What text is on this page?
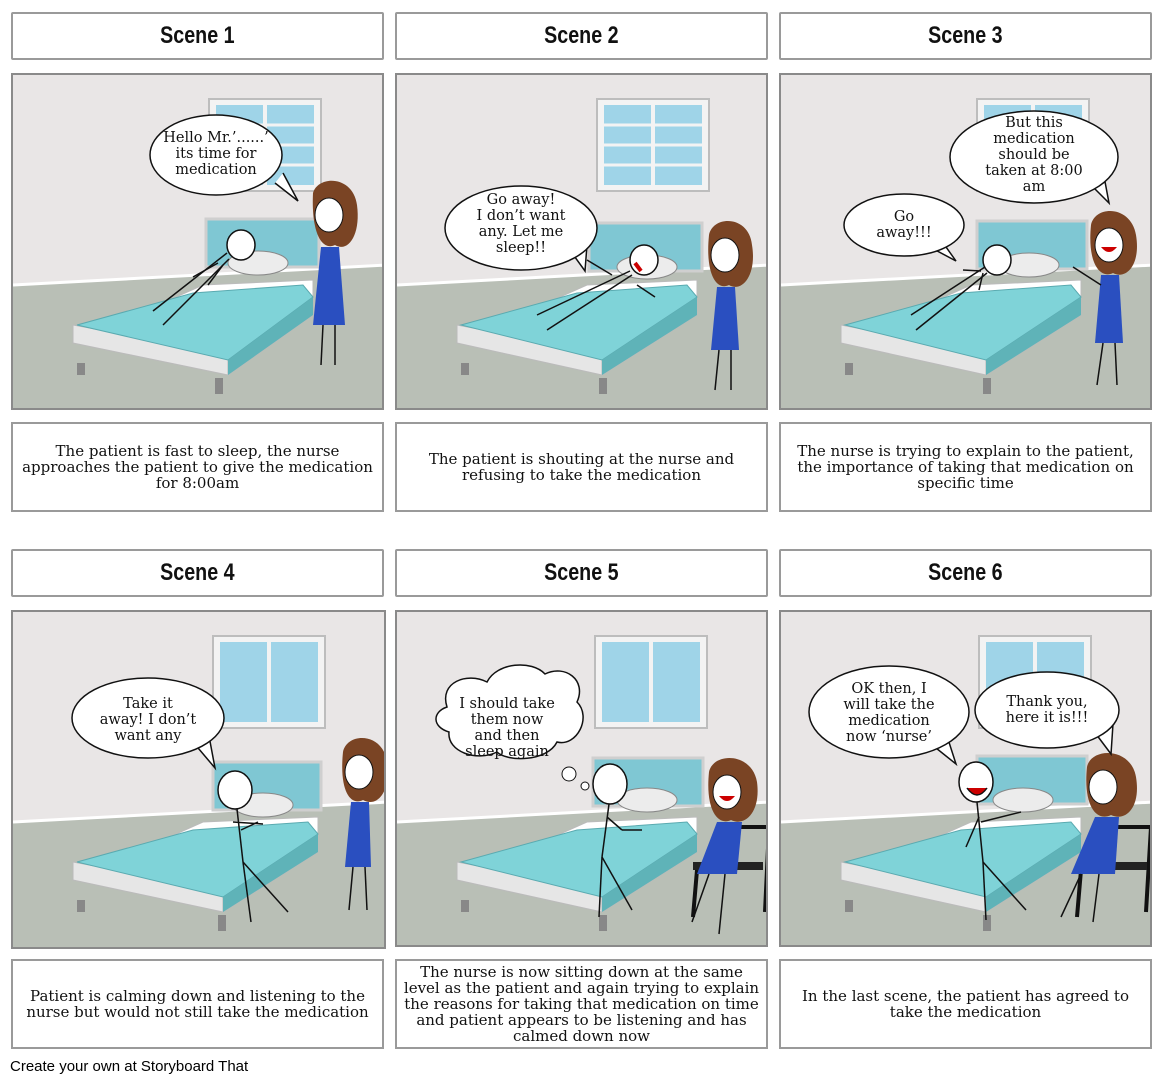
Scene 1	Scene 2	Scene 3
Hello Mr.’......’ its time for medication
Go away! I don’t want any. Let me sleep!!
Go away!!!
But this medication should be taken at 8:00 am
The patient is fast to sleep, the nurse approaches the patient to give the medication for 8:00am
The patient is shouting at the nurse and refusing to take the medication
The nurse is trying to explain to the patient, the importance of taking that medication on specific time
Scene 4	Scene 5	Scene 6
Take it away! I don’t want any
I should take them now and then sleep again
OK then, I will take the medication now ‘nurse’
Thank you, here it is!!!
Patient is calming down and listening to the nurse but would not still take the medication
The nurse is now sitting down at the same level as the patient and again trying to explain the reasons for taking that medication on time and patient appears to be listening and has calmed down now
In the last scene, the patient has agreed to take the medication
Create your own at Storyboard That
